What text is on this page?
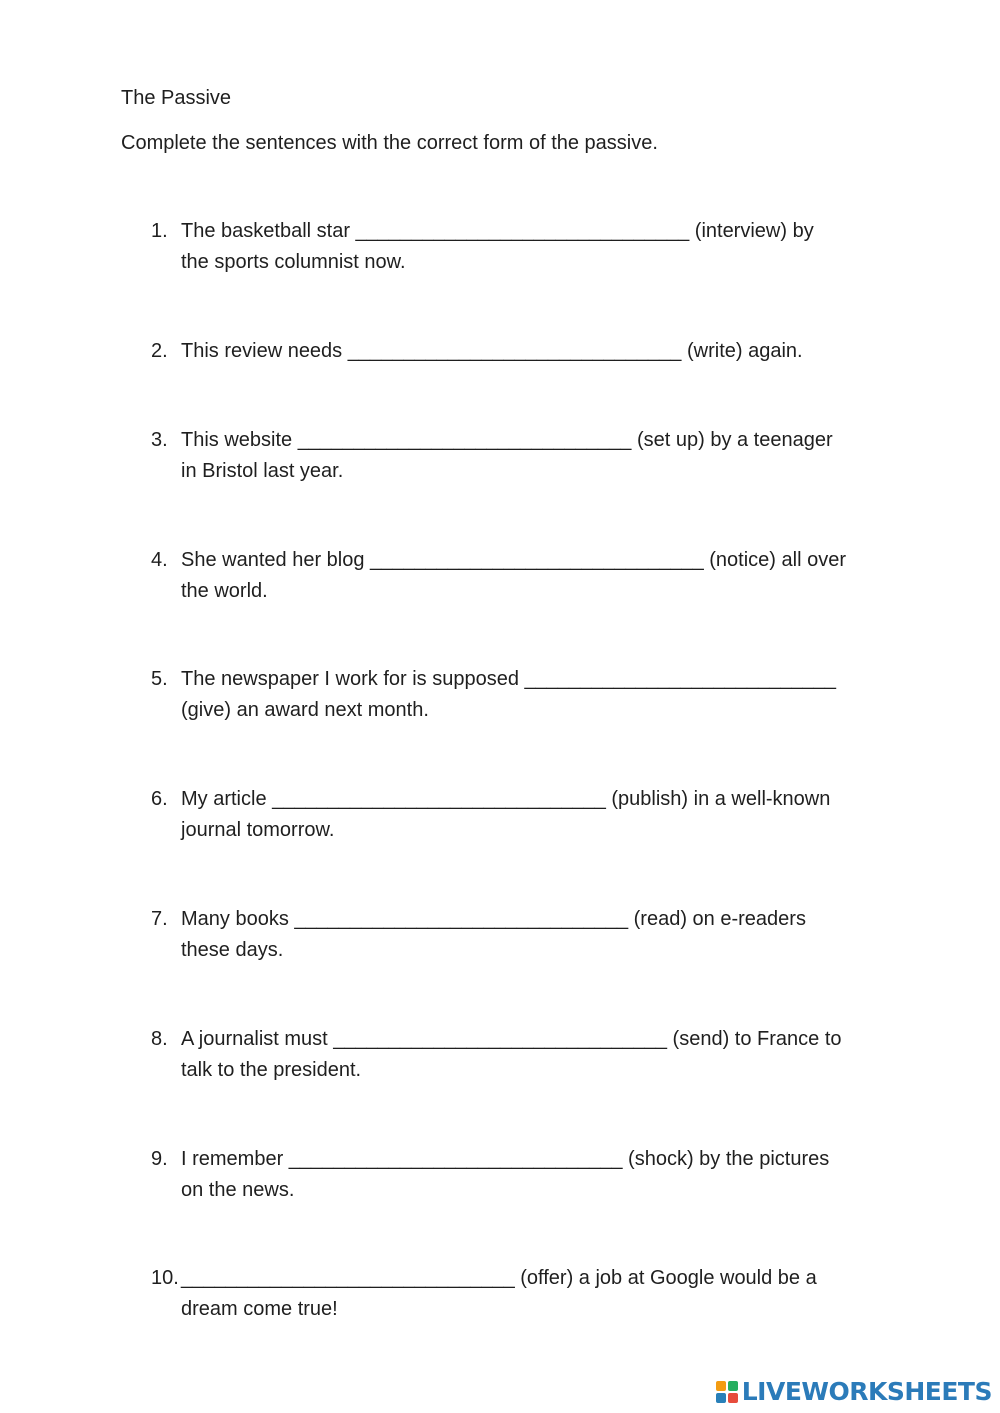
The Passive
Complete the sentences with the correct form of the passive.
1. The basketball star ______________________________ (interview) by
the sports columnist now.
2. This review needs ______________________________ (write) again.
3. This website ______________________________ (set up) by a teenager
in Bristol last year.
4. She wanted her blog ______________________________ (notice) all over
the world.
5. The newspaper I work for is supposed ____________________________
(give) an award next month.
6. My article ______________________________ (publish) in a well-known
journal tomorrow.
7. Many books ______________________________ (read) on e-readers
these days.
8. A journalist must ______________________________ (send) to France to
talk to the president.
9. I remember ______________________________ (shock) by the pictures
on the news.
10. ______________________________ (offer) a job at Google would be a
dream come true!
LIVEWORKSHEETS
